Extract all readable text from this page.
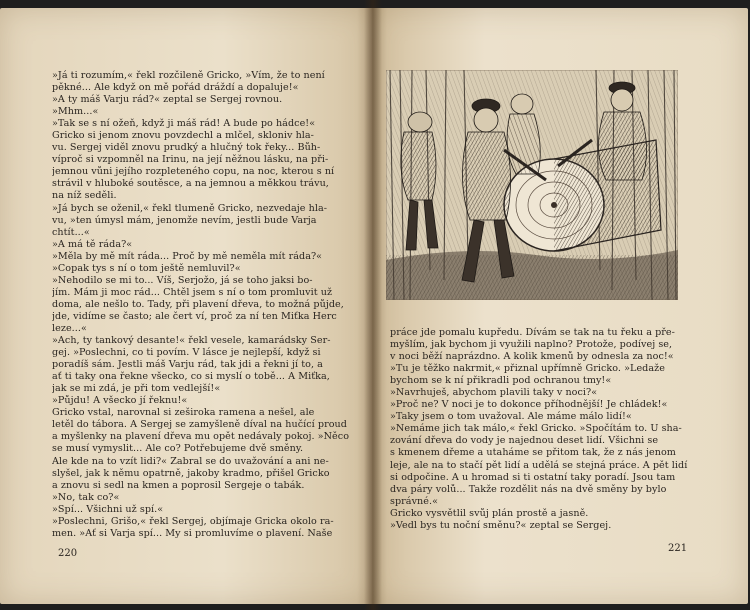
»Já ti rozumím,« řekl rozčileně Gricko, »Vím, že to není
pěkné... Ale když on mě pořád dráždí a dopaluje!«
»A ty máš Varju rád?« zeptal se Sergej rovnou.
»Mhm...«
»Tak se s ní ožeň, když ji máš rád! A bude po hádce!«
Gricko si jenom znovu povzdechl a mlčel, skloniv hla-
vu. Sergej viděl znovu prudký a hlučný tok řeky... Bůh-
víproč si vzpomněl na Irinu, na její něžnou lásku, na při-
jemnou vůni jejího rozpleteného copu, na noc, kterou s ní
strávil v hluboké soutěsce, a na jemnou a měkkou trávu,
na níž seděli.
»Já bych se oženil,« řekl tlumeně Gricko, nezvedaje hla-
vu, »ten úmysl mám, jenomže nevím, jestli bude Varja
chtít...«
»A má tě ráda?«
»Měla by mě mít ráda... Proč by mě neměla mít ráda?«
»Copak tys s ní o tom ještě nemluvil?«
»Nehodilo se mi to... Víš, Serjožo, já se toho jaksi bo-
jím. Mám ji moc rád... Chtěl jsem s ní o tom promluvit už
doma, ale nešlo to. Tady, při plavení dřeva, to možná půjde,
jde, vidíme se často; ale čert ví, proč za ní ten Miťka Herc
leze...«
»Ach, ty tankový desante!« řekl vesele, kamarádsky Ser-
gej. »Poslechni, co ti povím. V lásce je nejlepší, když si
poradíš sám. Jestli máš Varju rád, tak jdi a řekni jí to, a
ať ti taky ona řekne všecko, co si myslí o tobě... A Miťka,
jak se mi zdá, je při tom vedlejší!«
»Půjdu! A všecko jí řeknu!«
Gricko vstal, narovnal si zeširoka ramena a nešel, ale
letěl do tábora. A Sergej se zamyšleně díval na hučící proud
a myšlenky na plavení dřeva mu opět nedávaly pokoj. »Něco
se musí vymyslit... Ale co? Potřebujeme dvě směny.
Ale kde na to vzít lidi?« Zabral se do uvažování a ani ne-
slyšel, jak k němu opatrně, jakoby kradmo, přišel Gricko
a znovu si sedl na kmen a poprosil Sergeje o tabák.
»No, tak co?«
»Spí... Všichni už spí.«
»Poslechni, Grišo,« řekl Sergej, objímaje Gricka okolo ra-
men. »Ať si Varja spí... My si promluvíme o plavení. Naše
220
práce jde pomalu kupředu. Dívám se tak na tu řeku a pře-
myšlím, jak bychom ji využili naplno? Protože, podívej se,
v noci běží naprázdno. A kolik kmenů by odnesla za noc!«
»Tu je těžko nakrmit,« přiznal upřímně Gricko. »Ledaže
bychom se k ní přikradli pod ochranou tmy!«
»Navrhuješ, abychom plavili taky v noci?«
»Proč ne? V noci je to dokonce příhodnější! Je chládek!«
»Taky jsem o tom uvažoval. Ale máme málo lidí!«
»Nemáme jich tak málo,« řekl Gricko. »Spočítám to. U sha-
zování dřeva do vody je najednou deset lidí. Všichni se
s kmenem dřeme a utaháme se přitom tak, že z nás jenom
leje, ale na to stačí pět lidí a udělá se stejná práce. A pět lidí
si odpočine. A u hromad si ti ostatní taky poradí. Jsou tam
dva páry volů... Takže rozdělit nás na dvě směny by bylo
správné.«
Gricko vysvětlil svůj plán prostě a jasně.
»Vedl bys tu noční směnu?« zeptal se Sergej.
221
